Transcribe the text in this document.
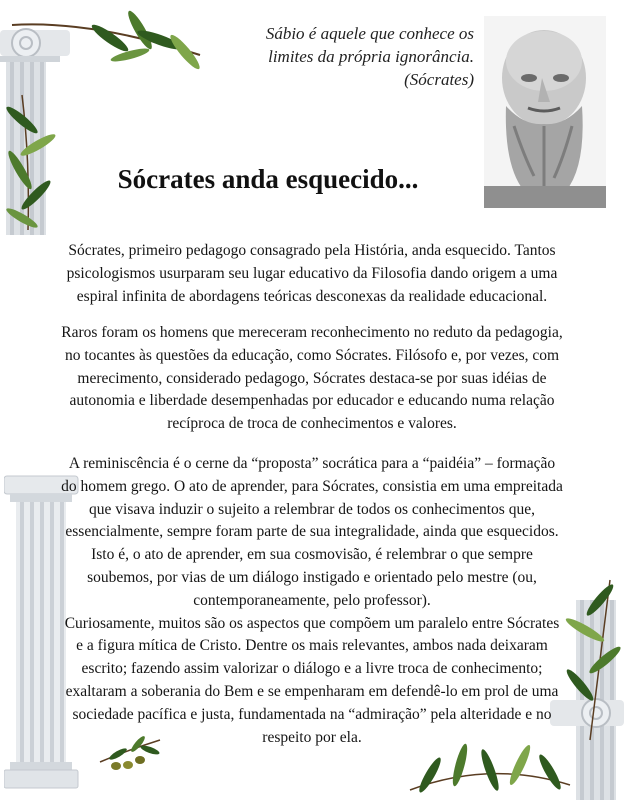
Sábio é aquele que conhece os
limites da própria ignorância.
(Sócrates)
Sócrates anda esquecido...

Sócrates, primeiro pedagogo consagrado pela História, anda esquecido. Tantos
psicologismos usurparam seu lugar educativo da Filosofia dando origem a uma
espiral infinita de abordagens teóricas desconexas da realidade educacional.

Raros foram os homens que mereceram reconhecimento no reduto da pedagogia,
no tocantes às questões da educação, como Sócrates. Filósofo e, por vezes, com
merecimento, considerado pedagogo, Sócrates destaca-se por suas idéias de
autonomia e liberdade desempenhadas por educador e educando numa relação
recíproca de troca de conhecimentos e valores.

A reminiscência é o cerne da “proposta” socrática para a “paidéia” – formação
do homem grego. O ato de aprender, para Sócrates, consistia em uma empreitada
que visava induzir o sujeito a relembrar de todos os conhecimentos que,
essencialmente, sempre foram parte de sua integralidade, ainda que esquecidos.
Isto é, o ato de aprender, em sua cosmovisão, é relembrar o que sempre
soubemos, por vias de um diálogo instigado e orientado pelo mestre (ou,
contemporaneamente, pelo professor).
Curiosamente, muitos são os aspectos que compõem um paralelo entre Sócrates
e a figura mítica de Cristo. Dentre os mais relevantes, ambos nada deixaram
escrito; fazendo assim valorizar o diálogo e a livre troca de conhecimento;
exaltaram a soberania do Bem e se empenharam em defendê-lo em prol de uma
sociedade pacífica e justa, fundamentada na “admiração” pela alteridade e no
respeito por ela.
